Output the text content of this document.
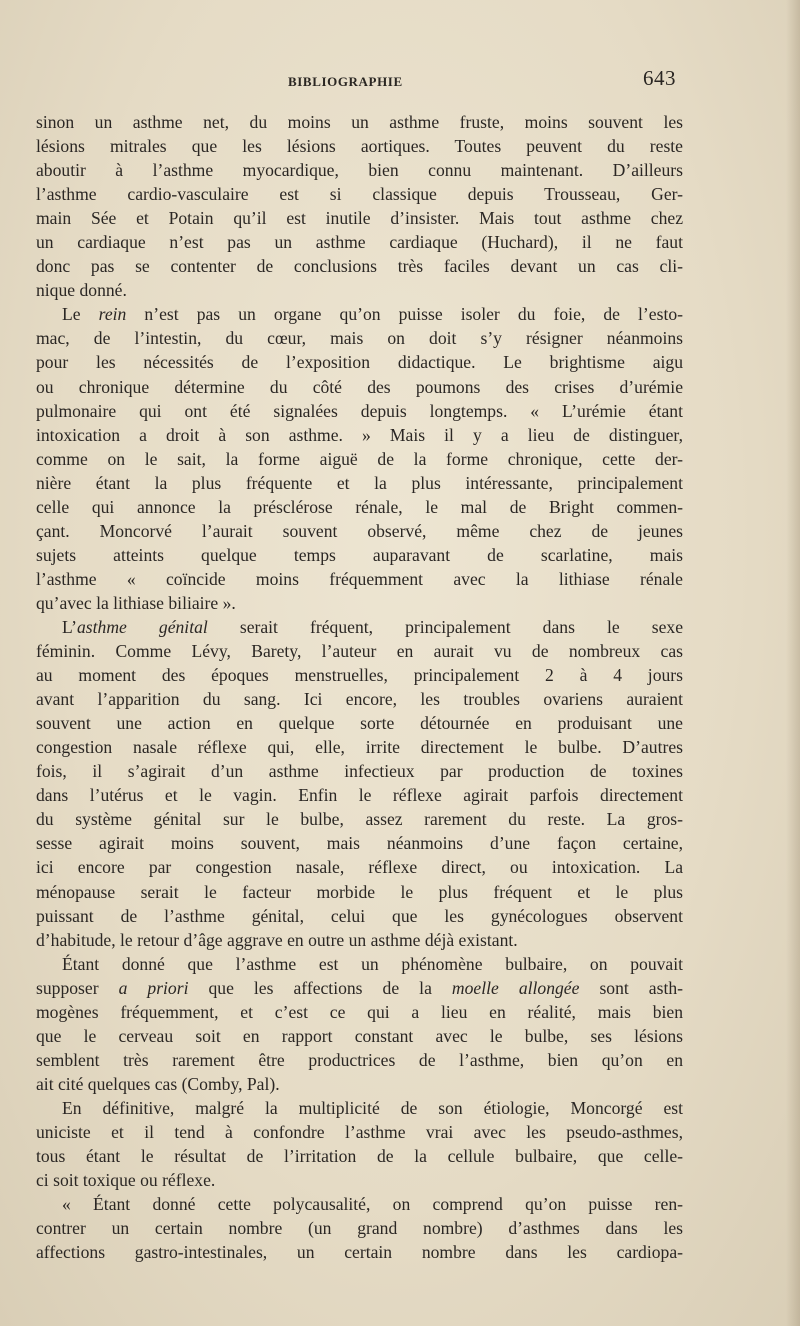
BIBLIOGRAPHIE	643
sinon un asthme net, du moins un asthme fruste, moins souvent les
lésions mitrales que les lésions aortiques. Toutes peuvent du reste
aboutir à l’asthme myocardique, bien connu maintenant. D’ailleurs
l’asthme cardio-vasculaire est si classique depuis Trousseau, Ger-
main Sée et Potain qu’il est inutile d’insister. Mais tout asthme chez
un cardiaque n’est pas un asthme cardiaque (Huchard), il ne faut
donc pas se contenter de conclusions très faciles devant un cas cli-
nique donné.
Le rein n’est pas un organe qu’on puisse isoler du foie, de l’esto-
mac, de l’intestin, du cœur, mais on doit s’y résigner néanmoins
pour les nécessités de l’exposition didactique. Le brightisme aigu
ou chronique détermine du côté des poumons des crises d’urémie
pulmonaire qui ont été signalées depuis longtemps. « L’urémie étant
intoxication a droit à son asthme. » Mais il y a lieu de distinguer,
comme on le sait, la forme aiguë de la forme chronique, cette der-
nière étant la plus fréquente et la plus intéressante, principalement
celle qui annonce la présclérose rénale, le mal de Bright commen-
çant. Moncorvé l’aurait souvent observé, même chez de jeunes
sujets atteints quelque temps auparavant de scarlatine, mais
l’asthme « coïncide moins fréquemment avec la lithiase rénale
qu’avec la lithiase biliaire ».
L’asthme génital serait fréquent, principalement dans le sexe
féminin. Comme Lévy, Barety, l’auteur en aurait vu de nombreux cas
au moment des époques menstruelles, principalement 2 à 4 jours
avant l’apparition du sang. Ici encore, les troubles ovariens auraient
souvent une action en quelque sorte détournée en produisant une
congestion nasale réflexe qui, elle, irrite directement le bulbe. D’autres
fois, il s’agirait d’un asthme infectieux par production de toxines
dans l’utérus et le vagin. Enfin le réflexe agirait parfois directement
du système génital sur le bulbe, assez rarement du reste. La gros-
sesse agirait moins souvent, mais néanmoins d’une façon certaine,
ici encore par congestion nasale, réflexe direct, ou intoxication. La
ménopause serait le facteur morbide le plus fréquent et le plus
puissant de l’asthme génital, celui que les gynécologues observent
d’habitude, le retour d’âge aggrave en outre un asthme déjà existant.
Étant donné que l’asthme est un phénomène bulbaire, on pouvait
supposer a priori que les affections de la moelle allongée sont asth-
mogènes fréquemment, et c’est ce qui a lieu en réalité, mais bien
que le cerveau soit en rapport constant avec le bulbe, ses lésions
semblent très rarement être productrices de l’asthme, bien qu’on en
ait cité quelques cas (Comby, Pal).
En définitive, malgré la multiplicité de son étiologie, Moncorgé est
uniciste et il tend à confondre l’asthme vrai avec les pseudo-asthmes,
tous étant le résultat de l’irritation de la cellule bulbaire, que celle-
ci soit toxique ou réflexe.
« Étant donné cette polycausalité, on comprend qu’on puisse ren-
contrer un certain nombre (un grand nombre) d’asthmes dans les
affections gastro-intestinales, un certain nombre dans les cardiopa-
